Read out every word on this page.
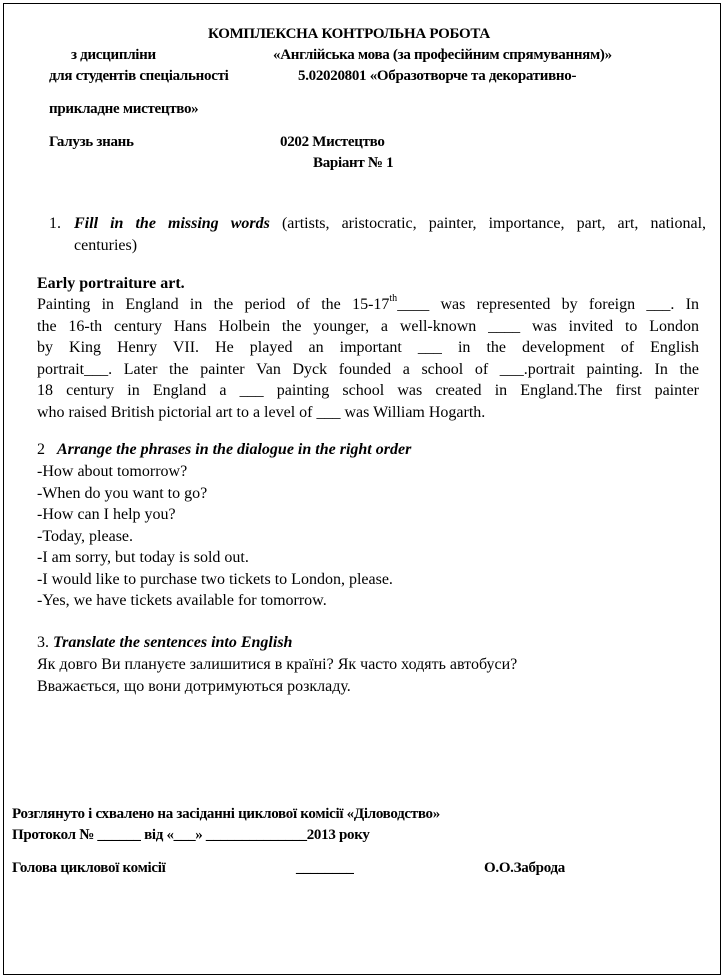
КОМПЛЕКСНА КОНТРОЛЬНА РОБОТА
з дисципліни	«Англійська мова (за професійним спрямуванням)»
для студентів спеціальності	5.02020801 «Образотворче та декоративно-
прикладне мистецтво»
Галузь знань	0202 Мистецтво
Варіант № 1
1. Fill in the missing words (artists, aristocratic, painter, importance, part, art, national,
centuries)
Early portraiture art.
Painting in England in the period of the 15-17th____ was represented by foreign ___. In
the 16-th century Hans Holbein the younger, a well-known ____ was invited to London
by King Henry VII. He played an important ___ in the development of English
portrait___. Later the painter Van Dyck founded a school of ___.portrait painting. In the
18 century in England a ___ painting school was created in England.The first painter
who raised British pictorial art to a level of ___ was William Hogarth.
2 Arrange the phrases in the dialogue in the right order
-How about tomorrow?
-When do you want to go?
-How can I help you?
-Today, please.
-I am sorry, but today is sold out.
-I would like to purchase two tickets to London, please.
-Yes, we have tickets available for tomorrow.
3. Translate the sentences into English
Як довго Ви плануєте залишитися в країні? Як часто ходять автобуси?
Вважається, що вони дотримуються розкладу.
Розглянуто і схвалено на засіданні циклової комісії «Діловодство»
Протокол № ______ від «___» ______________2013 року
Голова циклової комісії	________	О.О.Заброда
